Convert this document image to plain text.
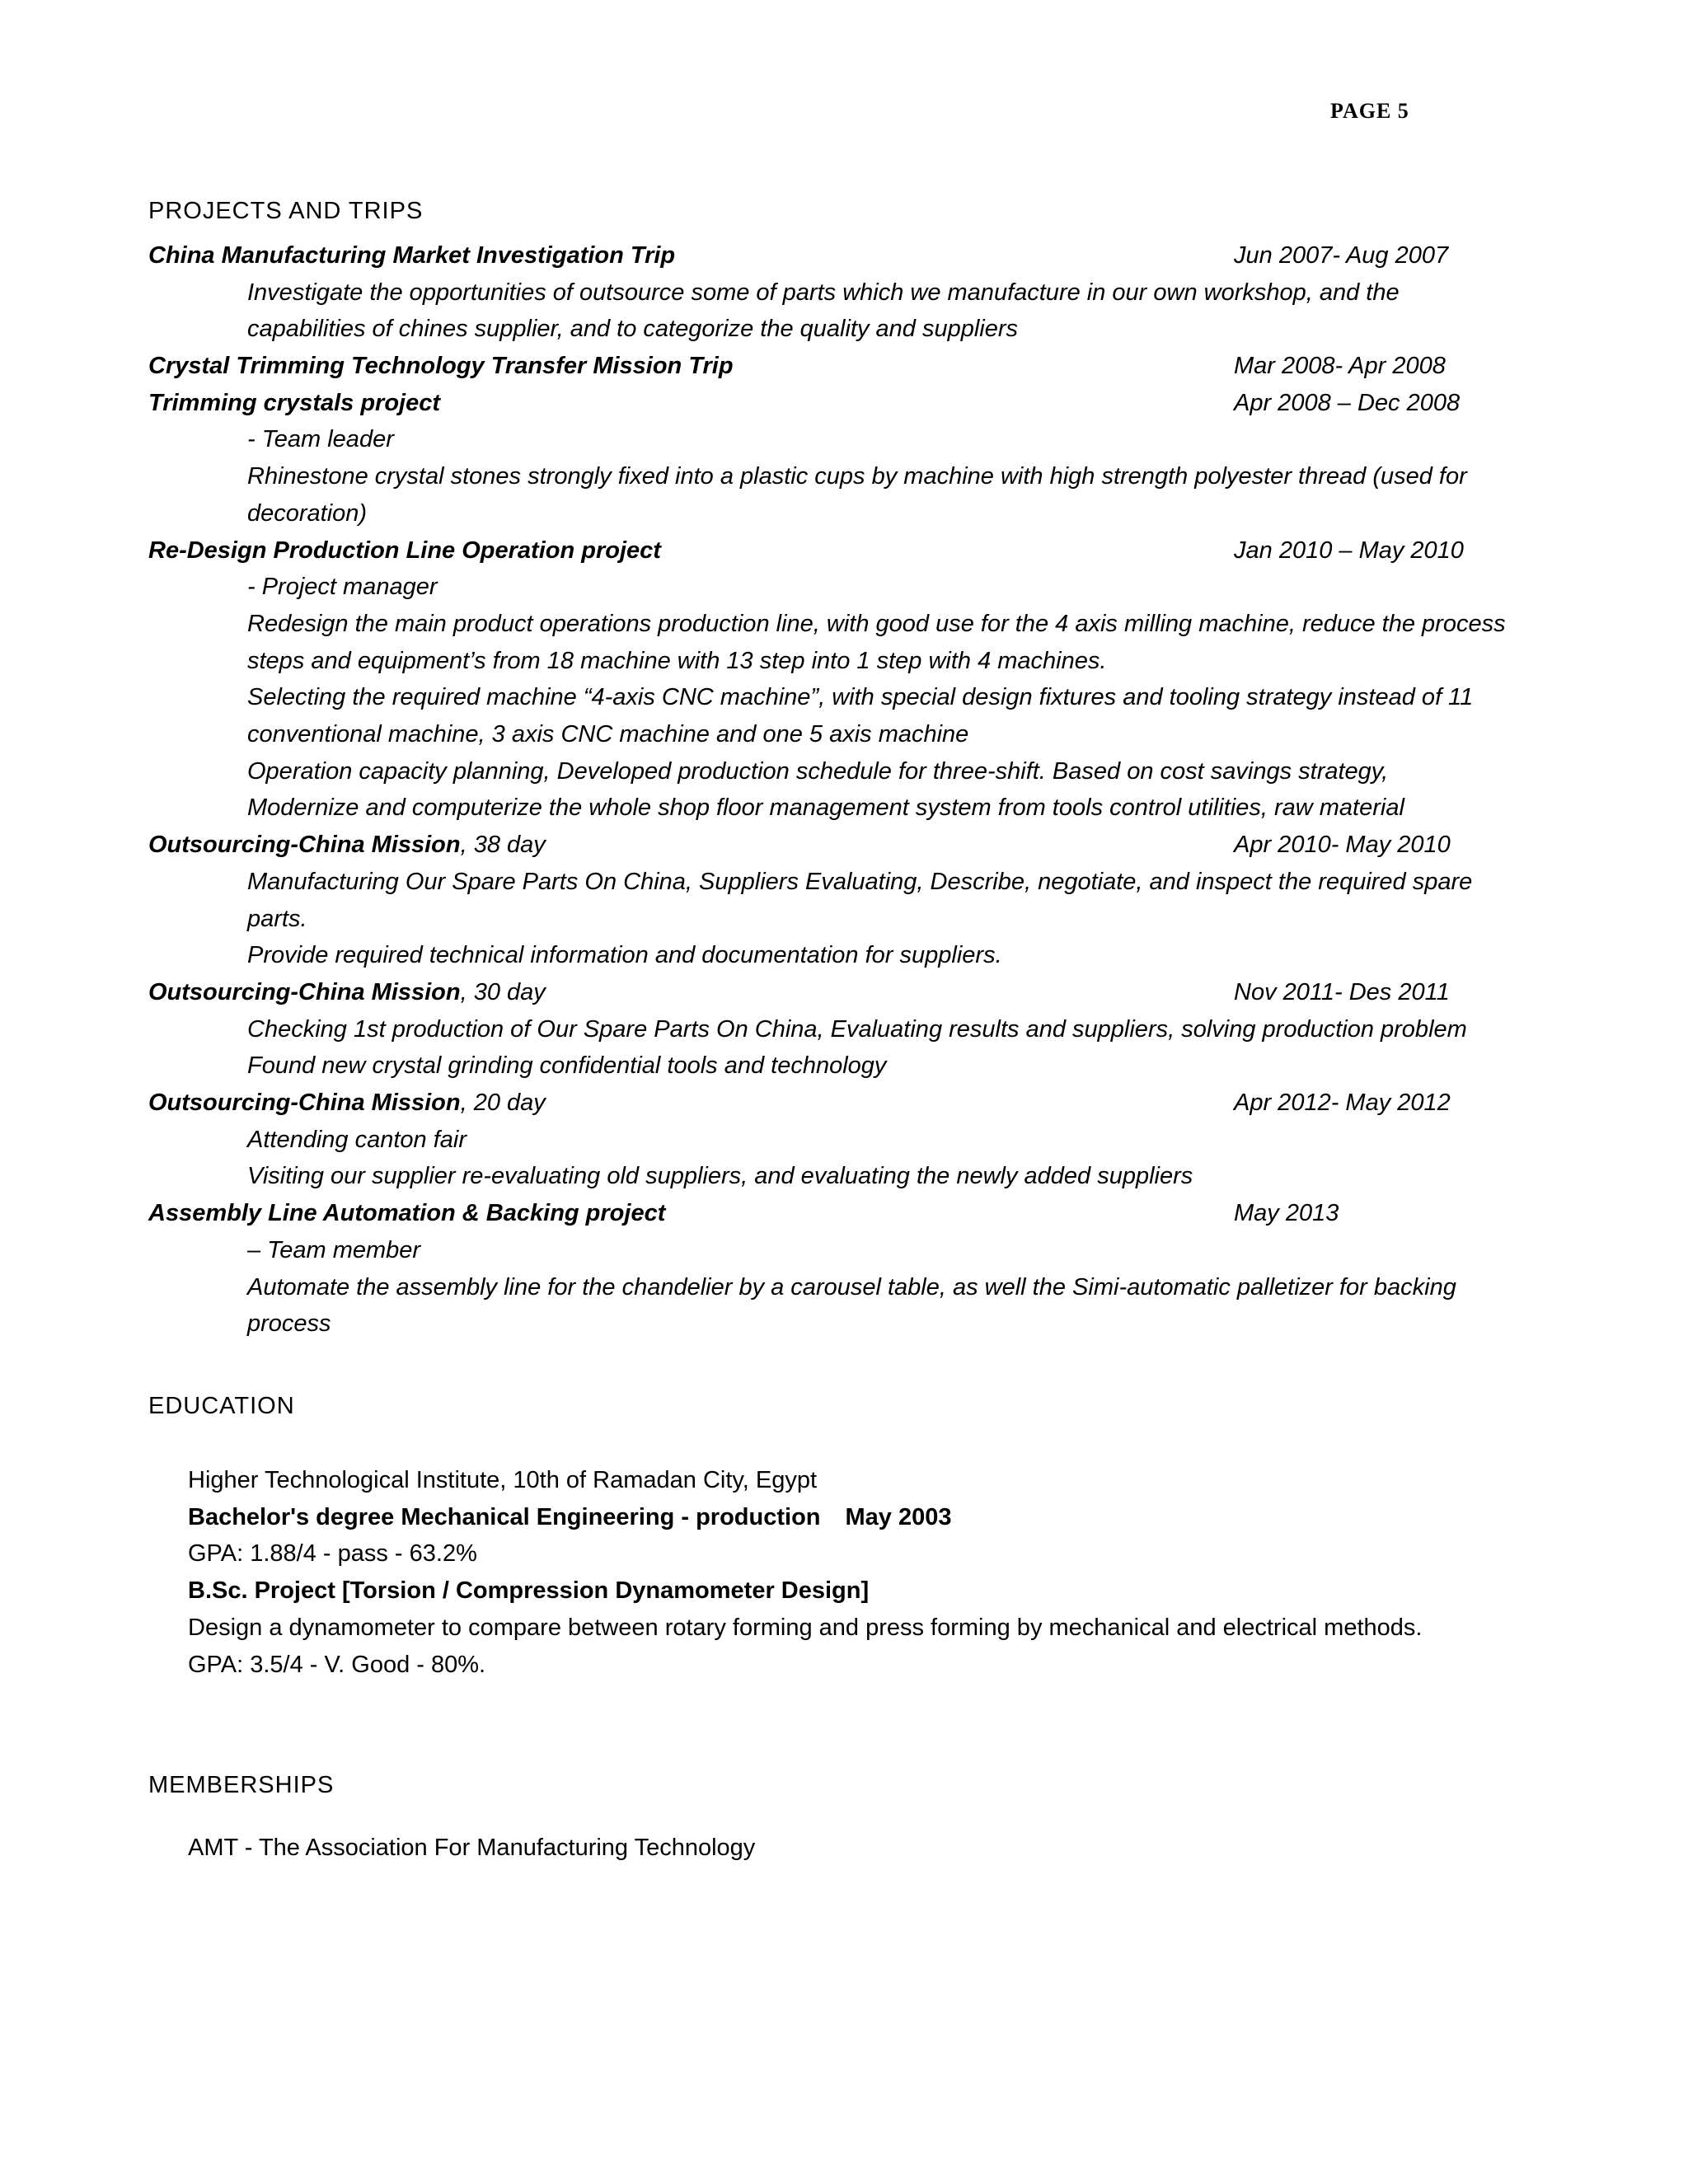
PAGE 5
PROJECTS AND TRIPS
China Manufacturing Market Investigation Trip	Jun 2007- Aug 2007
Investigate the opportunities of outsource some of parts which we manufacture in our own workshop, and the capabilities of chines supplier, and to categorize the quality and suppliers
Crystal Trimming Technology Transfer Mission Trip	Mar 2008- Apr 2008
Trimming crystals project	Apr 2008 – Dec 2008
- Team leader
Rhinestone crystal stones strongly fixed into a plastic cups by machine with high strength polyester thread (used for decoration)
Re-Design Production Line Operation project	Jan 2010 – May 2010
- Project manager
Redesign the main product operations production line, with good use for the 4 axis milling machine, reduce the process steps and equipment’s from 18 machine with 13 step into 1 step with 4 machines.
Selecting the required machine “4-axis CNC machine”, with special design fixtures and tooling strategy instead of 11 conventional machine, 3 axis CNC machine and one 5 axis machine
Operation capacity planning, Developed production schedule for three-shift. Based on cost savings strategy,
Modernize and computerize the whole shop floor management system from tools control utilities, raw material
Outsourcing-China Mission, 38 day	Apr 2010- May 2010
Manufacturing Our Spare Parts On China, Suppliers Evaluating, Describe, negotiate, and inspect the required spare parts.
Provide required technical information and documentation for suppliers.
Outsourcing-China Mission, 30 day	Nov 2011- Des 2011
Checking 1st production of Our Spare Parts On China, Evaluating results and suppliers, solving production problem
Found new crystal grinding confidential tools and technology
Outsourcing-China Mission, 20 day	Apr 2012- May 2012
Attending canton fair
Visiting our supplier re-evaluating old suppliers, and evaluating the newly added suppliers
Assembly Line Automation & Backing project	May 2013
– Team member
Automate the assembly line for the chandelier by a carousel table, as well the Simi-automatic palletizer for backing process
EDUCATION
Higher Technological Institute, 10th of Ramadan City, Egypt
Bachelor's degree Mechanical Engineering - production May 2003
GPA: 1.88/4 - pass - 63.2%
B.Sc. Project [Torsion / Compression Dynamometer Design]
Design a dynamometer to compare between rotary forming and press forming by mechanical and electrical methods.
GPA: 3.5/4 - V. Good - 80%.
MEMBERSHIPS
AMT - The Association For Manufacturing Technology
